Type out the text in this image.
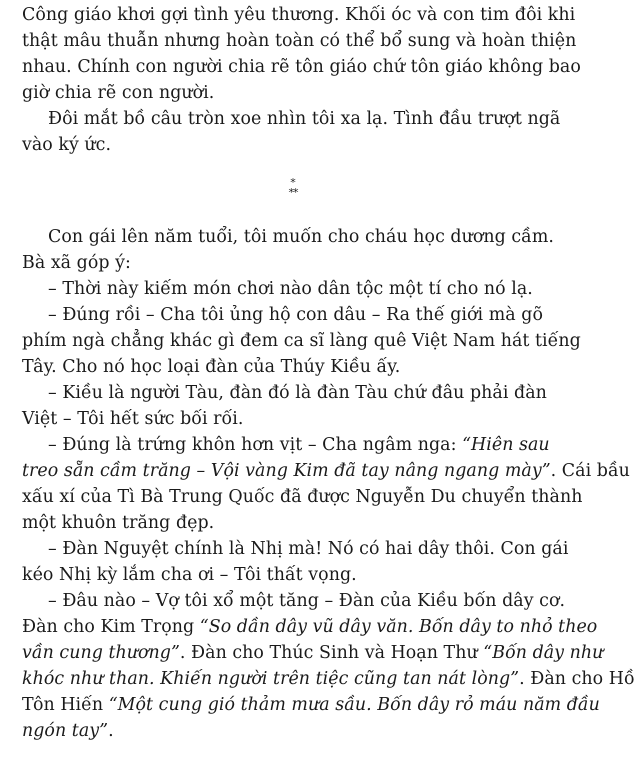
Công giáo khơi gợi tình yêu thương. Khối óc và con tim đôi khi
thật mâu thuẫn nhưng hoàn toàn có thể bổ sung và hoàn thiện
nhau. Chính con người chia rẽ tôn giáo chứ tôn giáo không bao
giờ chia rẽ con người.
Đôi mắt bồ câu tròn xoe nhìn tôi xa lạ. Tình đầu trượt ngã
vào ký ức.
*
**
Con gái lên năm tuổi, tôi muốn cho cháu học dương cầm.
Bà xã góp ý:
– Thời này kiếm món chơi nào dân tộc một tí cho nó lạ.
– Đúng rồi – Cha tôi ủng hộ con dâu – Ra thế giới mà gõ
phím ngà chẳng khác gì đem ca sĩ làng quê Việt Nam hát tiếng
Tây. Cho nó học loại đàn của Thúy Kiều ấy.
– Kiều là người Tàu, đàn đó là đàn Tàu chứ đâu phải đàn
Việt – Tôi hết sức bối rối.
– Đúng là trứng khôn hơn vịt – Cha ngâm nga: “Hiên sau
treo sẵn cầm trăng – Vội vàng Kim đã tay nâng ngang mày”. Cái bầu
xấu xí của Tì Bà Trung Quốc đã được Nguyễn Du chuyển thành
một khuôn trăng đẹp.
– Đàn Nguyệt chính là Nhị mà! Nó có hai dây thôi. Con gái
kéo Nhị kỳ lắm cha ơi – Tôi thất vọng.
– Đâu nào – Vợ tôi xổ một tăng – Đàn của Kiều bốn dây cơ.
Đàn cho Kim Trọng “So dần dây vũ dây văn. Bốn dây to nhỏ theo
vần cung thương”. Đàn cho Thúc Sinh và Hoạn Thư “Bốn dây như
khóc như than. Khiến người trên tiệc cũng tan nát lòng”. Đàn cho Hồ
Tôn Hiến “Một cung gió thảm mưa sầu. Bốn dây rỏ máu năm đầu
ngón tay”.
